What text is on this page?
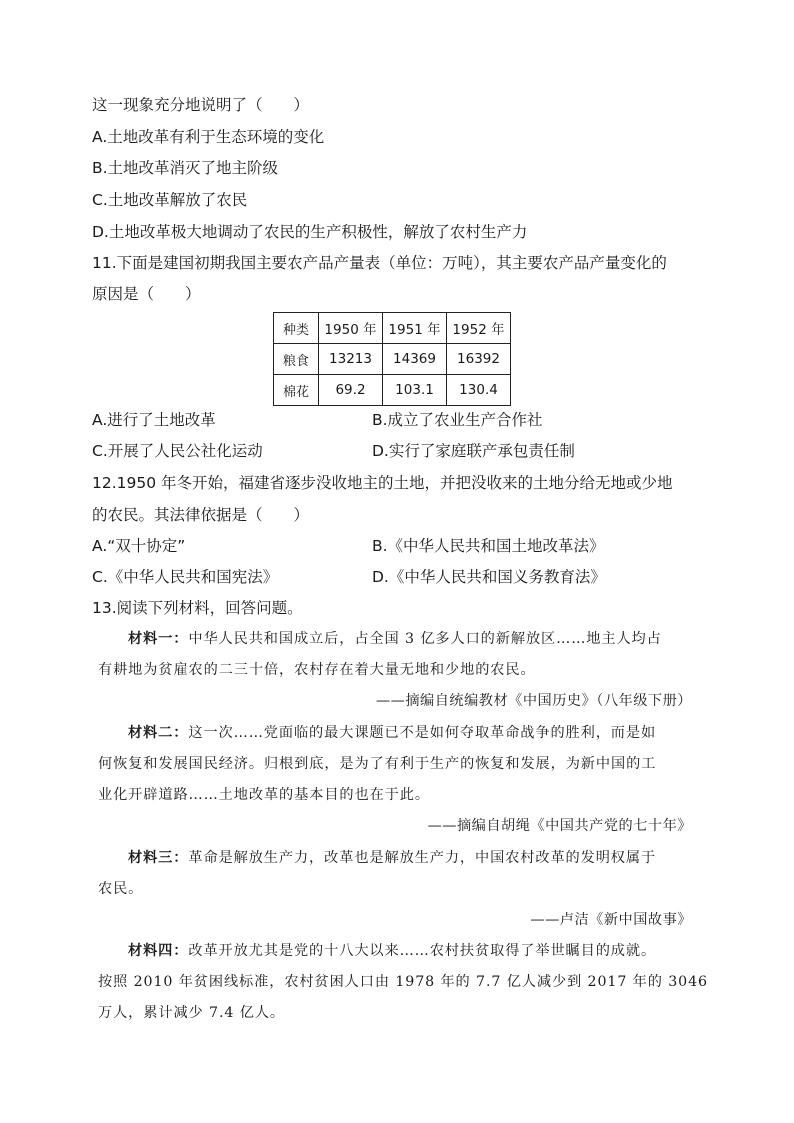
这一现象充分地说明了（　　）
A.土地改革有利于生态环境的变化
B.土地改革消灭了地主阶级
C.土地改革解放了农民
D.土地改革极大地调动了农民的生产积极性，解放了农村生产力
11.下面是建国初期我国主要农产品产量表（单位：万吨），其主要农产品产量变化的
原因是（　　）
种类	1950 年	1951 年	1952 年
粮食	13213	14369	16392
棉花	69.2	103.1	130.4
A.进行了土地改革	B.成立了农业生产合作社
C.开展了人民公社化运动	D.实行了家庭联产承包责任制
12.1950 年冬开始，福建省逐步没收地主的土地，并把没收来的土地分给无地或少地
的农民。其法律依据是（　　）
A.“双十协定”	B.《中华人民共和国土地改革法》
C.《中华人民共和国宪法》	D.《中华人民共和国义务教育法》
13.阅读下列材料，回答问题。
材料一：中华人民共和国成立后，占全国 3 亿多人口的新解放区……地主人均占
有耕地为贫雇农的二三十倍，农村存在着大量无地和少地的农民。
——摘编自统编教材《中国历史》（八年级下册）
材料二：这一次……党面临的最大课题已不是如何夺取革命战争的胜利，而是如
何恢复和发展国民经济。归根到底，是为了有利于生产的恢复和发展，为新中国的工
业化开辟道路……土地改革的基本目的也在于此。
——摘编自胡绳《中国共产党的七十年》
材料三：革命是解放生产力，改革也是解放生产力，中国农村改革的发明权属于
农民。
——卢洁《新中国故事》
材料四：改革开放尤其是党的十八大以来……农村扶贫取得了举世瞩目的成就。
按照 2010 年贫困线标准，农村贫困人口由 1978 年的 7.7 亿人减少到 2017 年的 3046
万人，累计减少 7.4 亿人。
